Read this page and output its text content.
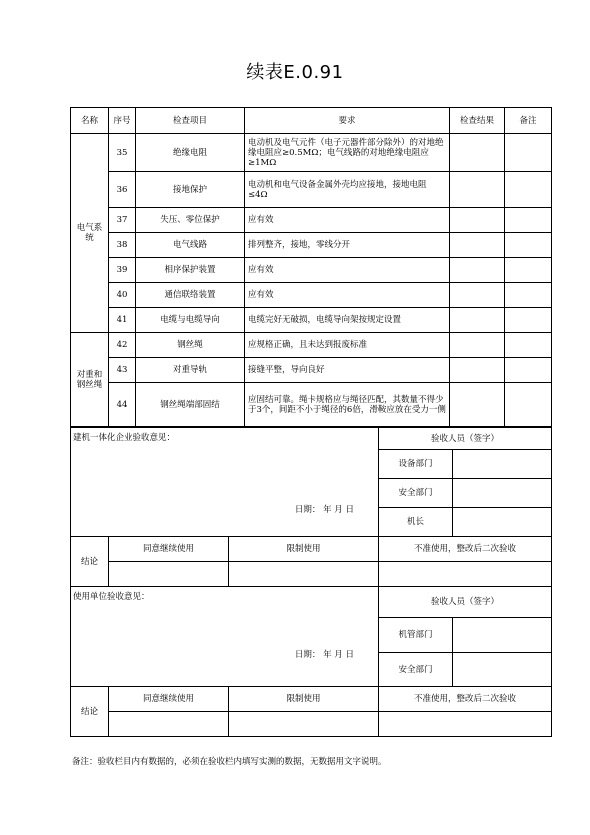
续表E.0.91
名称	序号	检查项目	要求	检查结果	备注
电气系统	35	绝缘电阻	电动机及电气元件（电子元器件部分除外）的对地绝缘电阻应≥0.5MΩ；电气线路的对地绝缘电阻应≥1MΩ		
	36	接地保护	电动机和电气设备金属外壳均应接地，接地电阻≤4Ω		
	37	失压、零位保护	应有效		
	38	电气线路	排列整齐，接地，零线分开		
	39	相序保护装置	应有效		
	40	通信联络装置	应有效		
	41	电缆与电缆导向	电缆完好无破损，电缆导向架按规定设置		
对重和钢丝绳	42	钢丝绳	应规格正确，且未达到报废标准		
	43	对重导轨	接缝平整，导向良好		
	44	钢丝绳端部固结	应固结可靠。绳卡规格应与绳径匹配，其数量不得少于3个，间距不小于绳径的6倍，滑鞍应放在受力一侧		
建机一体化企业验收意见：
日期： 年 月 日			验收人员（签字）	
			设备部门	
			安全部门	
			机长	
结论	同意继续使用	限制使用	不准使用，整改后二次验收	

使用单位验收意见：
日期： 年 月 日			验收人员（签字）	
			机管部门	
			安全部门	
结论	同意继续使用	限制使用	不准使用，整改后二次验收	

备注：验收栏目内有数据的，必须在验收栏内填写实测的数据，无数据用文字说明。
